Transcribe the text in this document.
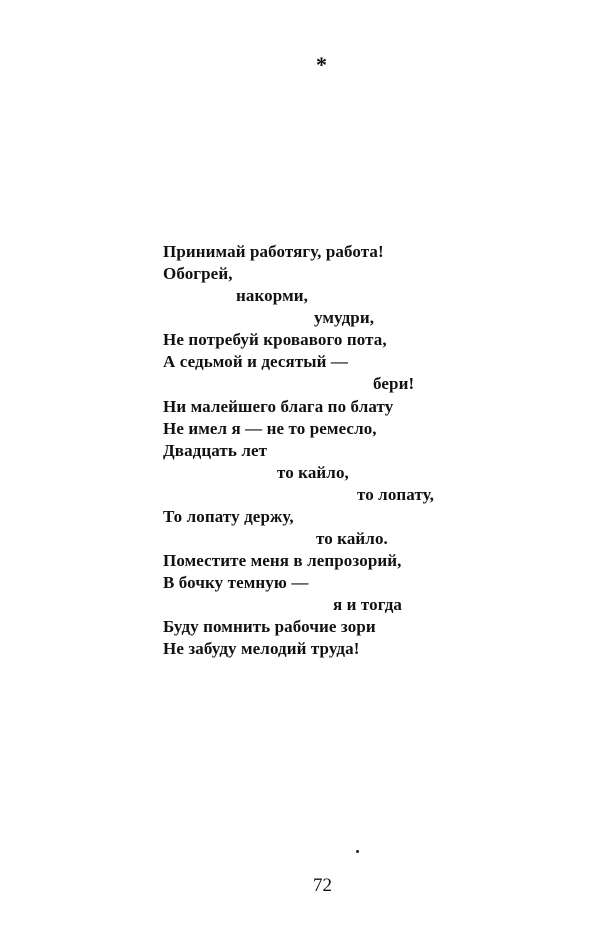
*
Принимай работягу, работа!
Обогрей,
накорми,
умудри,
Не потребуй кровавого пота,
А седьмой и десятый —
бери!
Ни малейшего блага по блату
Не имел я — не то ремесло,
Двадцать лет
то кайло,
то лопату,
То лопату держу,
то кайло.
Поместите меня в лепрозорий,
В бочку темную —
я и тогда
Буду помнить рабочие зори
Не забуду мелодий труда!
72
